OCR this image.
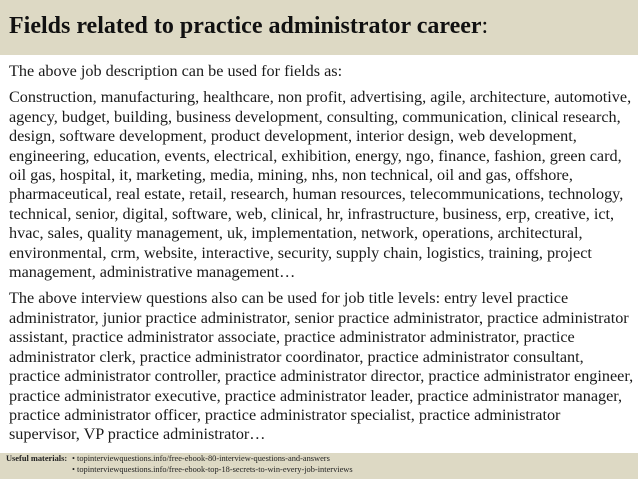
Fields related to practice administrator career:

The above job description can be used for fields as:

Construction, manufacturing, healthcare, non profit, advertising, agile, architecture, automotive, agency, budget, building, business development, consulting, communication, clinical research, design, software development, product development, interior design, web development, engineering, education, events, electrical, exhibition, energy, ngo, finance, fashion, green card, oil gas, hospital, it, marketing, media, mining, nhs, non technical, oil and gas, offshore, pharmaceutical, real estate, retail, research, human resources, telecommunications, technology, technical, senior, digital, software, web, clinical, hr, infrastructure, business, erp, creative, ict, hvac, sales, quality management, uk, implementation, network, operations, architectural, environmental, crm, website, interactive, security, supply chain, logistics, training, project management, administrative management…

The above interview questions also can be used for job title levels: entry level practice administrator, junior practice administrator, senior practice administrator, practice administrator assistant, practice administrator associate, practice administrator administrator, practice administrator clerk, practice administrator coordinator, practice administrator consultant, practice administrator controller, practice administrator director, practice administrator engineer, practice administrator executive, practice administrator leader, practice administrator manager, practice administrator officer, practice administrator specialist, practice administrator supervisor, VP practice administrator…

Useful materials: • topinterviewquestions.info/free-ebook-80-interview-questions-and-answers
• topinterviewquestions.info/free-ebook-top-18-secrets-to-win-every-job-interviews
